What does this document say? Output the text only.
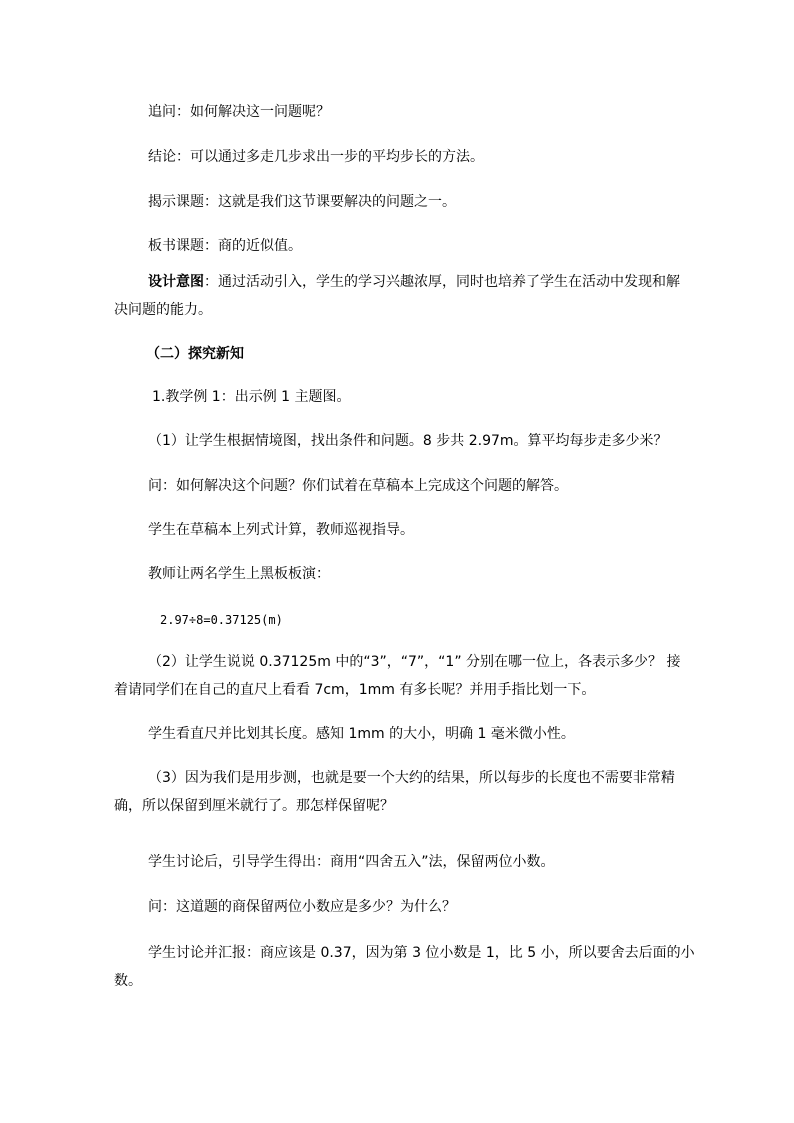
追问：如何解决这一问题呢？
结论：可以通过多走几步求出一步的平均步长的方法。
揭示课题：这就是我们这节课要解决的问题之一。
板书课题：商的近似值。
设计意图：通过活动引入，学生的学习兴趣浓厚，同时也培养了学生在活动中发现和解
决问题的能力。
（二）探究新知
1.教学例 1：出示例 1 主题图。
（1）让学生根据情境图，找出条件和问题。8 步共 2.97m。算平均每步走多少米？
问：如何解决这个问题？你们试着在草稿本上完成这个问题的解答。
学生在草稿本上列式计算，教师巡视指导。
教师让两名学生上黑板板演：
2.97÷8=0.37125(m)
（2）让学生说说 0.37125m 中的“3”，“7”，“1” 分别在哪一位上，各表示多少？ 接
着请同学们在自己的直尺上看看 7cm，1mm 有多长呢？并用手指比划一下。
学生看直尺并比划其长度。感知 1mm 的大小，明确 1 毫米微小性。
（3）因为我们是用步测，也就是要一个大约的结果，所以每步的长度也不需要非常精
确，所以保留到厘米就行了。那怎样保留呢？
学生讨论后，引导学生得出：商用“四舍五入”法，保留两位小数。
问：这道题的商保留两位小数应是多少？为什么？
学生讨论并汇报：商应该是 0.37，因为第 3 位小数是 1，比 5 小，所以要舍去后面的小
数。
